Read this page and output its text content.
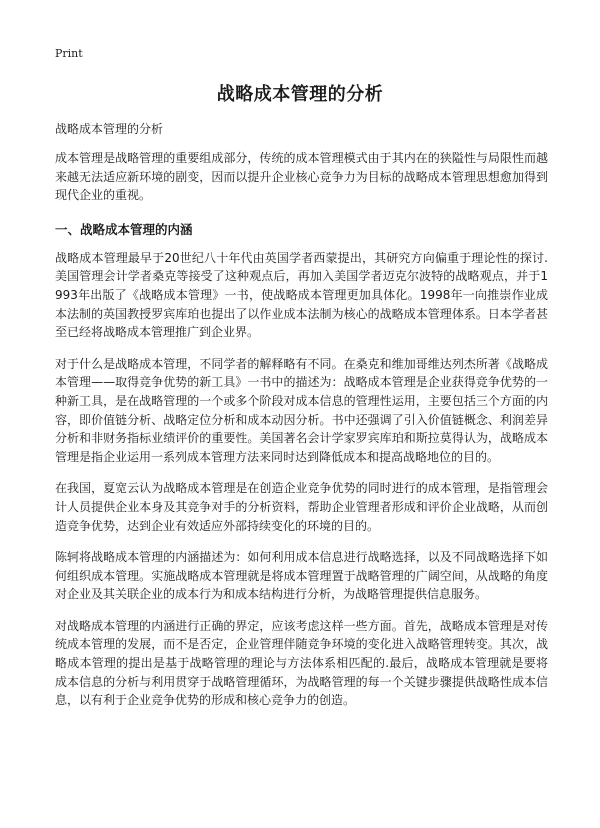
Print
战略成本管理的分析
战略成本管理的分析

成本管理是战略管理的重要组成部分，传统的成本管理模式由于其内在的狭隘性与局限性而越来越无法适应新环境的剧变，因而以提升企业核心竞争力为目标的战略成本管理思想愈加得到现代企业的重视。

一、战略成本管理的内涵

战略成本管理最早于20世纪八十年代由英国学者西蒙提出，其研究方向偏重于理论性的探讨.美国管理会计学者桑克等接受了这种观点后，再加入美国学者迈克尔波特的战略观点，并于1993年出版了《战略成本管理》一书，使战略成本管理更加具体化。1998年一向推崇作业成本法制的英国教授罗宾库珀也提出了以作业成本法制为核心的战略成本管理体系。日本学者甚至已经将战略成本管理推广到企业界。

对于什么是战略成本管理，不同学者的解释略有不同。在桑克和维加哥维达列杰所著《战略成本管理——取得竞争优势的新工具》一书中的描述为：战略成本管理是企业获得竞争优势的一种新工具，是在战略管理的一个或多个阶段对成本信息的管理性运用，主要包括三个方面的内容，即价值链分析、战略定位分析和成本动因分析。书中还强调了引入价值链概念、利润差异分析和非财务指标业绩评价的重要性。美国著名会计学家罗宾库珀和斯拉莫得认为，战略成本管理是指企业运用一系列成本管理方法来同时达到降低成本和提高战略地位的目的。

在我国，夏宽云认为战略成本管理是在创造企业竞争优势的同时进行的成本管理，是指管理会计人员提供企业本身及其竞争对手的分析资料，帮助企业管理者形成和评价企业战略，从而创造竞争优势，达到企业有效适应外部持续变化的环境的目的。

陈轲将战略成本管理的内涵描述为：如何利用成本信息进行战略选择，以及不同战略选择下如何组织成本管理。实施战略成本管理就是将成本管理置于战略管理的广阔空间，从战略的角度对企业及其关联企业的成本行为和成本结构进行分析，为战略管理提供信息服务。

对战略成本管理的内涵进行正确的界定，应该考虑这样一些方面。首先，战略成本管理是对传统成本管理的发展，而不是否定，企业管理伴随竞争环境的变化进入战略管理转变。其次，战略成本管理的提出是基于战略管理的理论与方法体系相匹配的.最后，战略成本管理就是要将成本信息的分析与利用贯穿于战略管理循环，为战略管理的每一个关键步骤提供战略性成本信息，以有利于企业竞争优势的形成和核心竞争力的创造。
